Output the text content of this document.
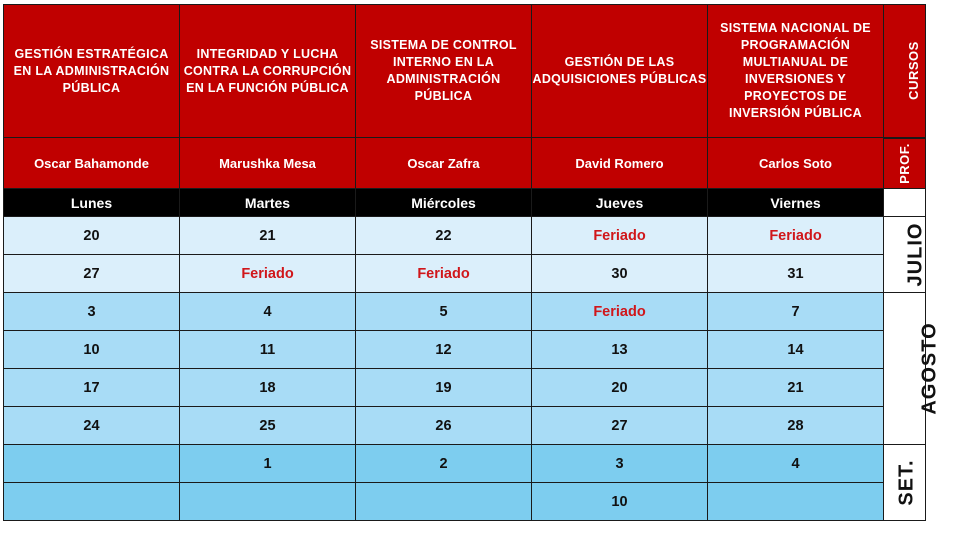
GESTIÓN ESTRATÉGICA EN LA ADMINISTRACIÓN PÚBLICA	INTEGRIDAD Y LUCHA CONTRA LA CORRUPCIÓN EN LA FUNCIÓN PÚBLICA	SISTEMA DE CONTROL INTERNO EN LA ADMINISTRACIÓN PÚBLICA	GESTIÓN DE LAS ADQUISICIONES PÚBLICAS	SISTEMA NACIONAL DE PROGRAMACIÓN MULTIANUAL DE INVERSIONES Y PROYECTOS DE INVERSIÓN PÚBLICA	CURSOS
Oscar Bahamonde	Marushka Mesa	Oscar Zafra	David Romero	Carlos Soto	PROF.
Lunes	Martes	Miércoles	Jueves	Viernes	
20	21	22	Feriado	Feriado	JULIO
27	Feriado	Feriado	30	31	
3	4	5	Feriado	7	AGOSTO
10	11	12	13	14	
17	18	19	20	21	
24	25	26	27	28	
	1	2	3	4	SET.
			10		
